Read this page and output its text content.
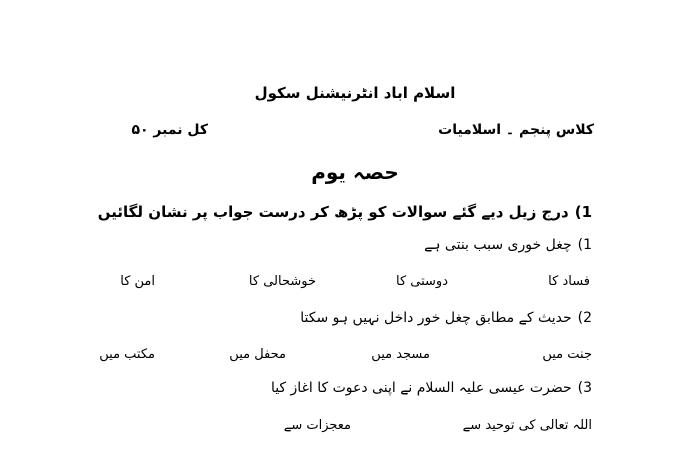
اسلام اباد انٹرنیشنل سکول
کلاس پنجم ۔ اسلامیات
کل نمبر ۵۰
حصہ یوم
1)درج زیل دیے گئے سوالات کو پڑھ کر درست جواب پر نشان لگائیں
1)چغل خوری سبب بنتی ہے
فساد کا
دوستی کا
خوشحالی کا
امن کا
2)حدیث کے مطابق چغل خور داخل نہیں ہو سکتا
جنت میں
مسجد میں
محفل میں
مکتب میں
3)حضرت عیسی علیہ السلام نے اپنی دعوت کا اغاز کیا
اللہ تعالی کی توحید سے
معجزات سے
